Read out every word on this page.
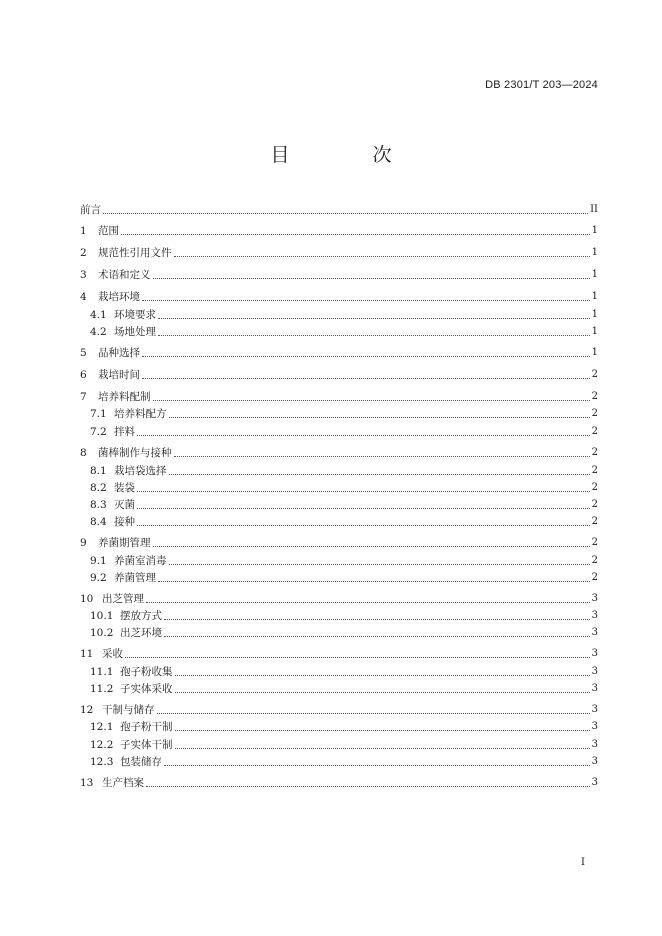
DB 2301/T 203—2024
目　次
前言	II
1	范围	1
2	规范性引用文件	1
3	术语和定义	1
4	栽培环境	1
4.1 环境要求	1
4.2 场地处理	1
5	品种选择	1
6	栽培时间	2
7	培养料配制	2
7.1 培养料配方	2
7.2 拌料	2
8	菌棒制作与接种	2
8.1 栽培袋选择	2
8.2 装袋	2
8.3 灭菌	2
8.4 接种	2
9	养菌期管理	2
9.1 养菌室消毒	2
9.2 养菌管理	2
10 出芝管理	3
10.1 摆放方式	3
10.2 出芝环境	3
11 采收	3
11.1 孢子粉收集	3
11.2 子实体采收	3
12 干制与储存	3
12.1 孢子粉干制	3
12.2 子实体干制	3
12.3 包装储存	3
13 生产档案	3
I
